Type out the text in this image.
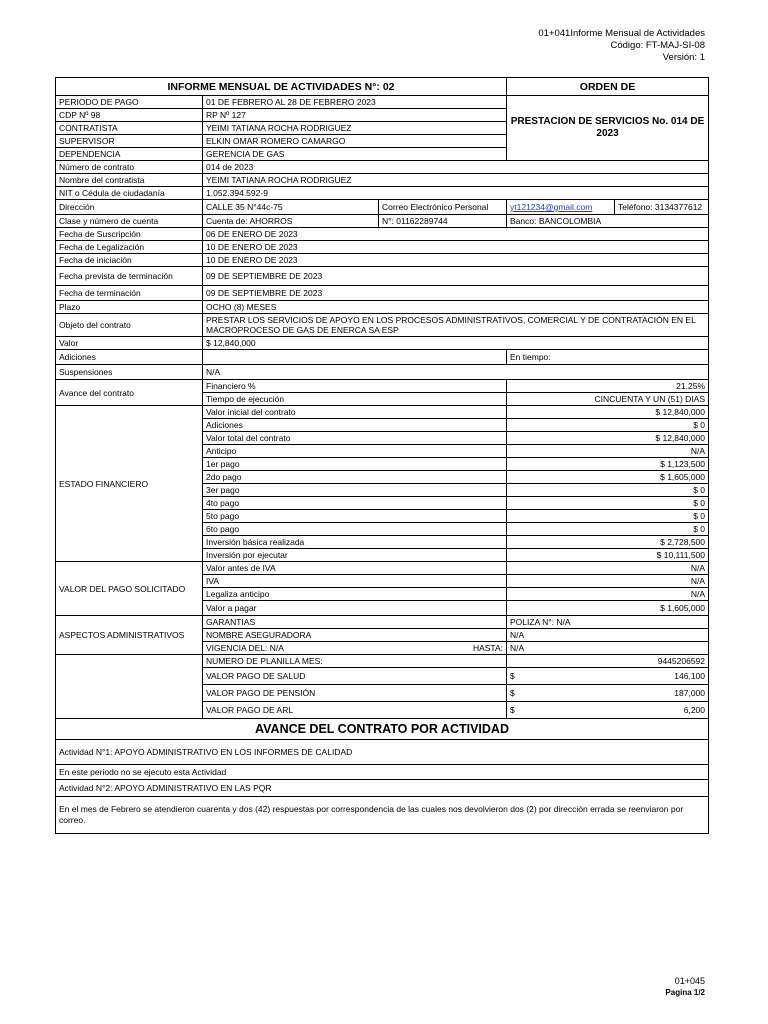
01+041Informe Mensual de Actividades
Código: FT-MAJ-SI-08
Versión: 1
INFORME MENSUAL DE ACTIVIDADES N°: 02			ORDEN DE	
PERIODO DE PAGO	01 DE FEBRERO AL 28 DE FEBRERO 2023		PRESTACION DE SERVICIOS No. 014 DE 2023	
CDP Nº 98	RP Nº 127			
CONTRATISTA	YEIMI TATIANA ROCHA RODRIGUEZ			
SUPERVISOR	ELKIN OMAR ROMERO CAMARGO			
DEPENDENCIA	GERENCIA DE GAS			
Número de contrato	014 de 2023			
Nombre del contratista	YEIMI TATIANA ROCHA RODRIGUEZ			
NIT o Cédula de ciudadanía	1.052.394.592-9			
Dirección	CALLE 35 N°44c-75	Correo Electrónico Personal	yt121234@gmail.com	Teléfono: 3134377612
Clase y número de cuenta	Cuenta de: AHORROS	N°: 01162289744	Banco: BANCOLOMBIA	
Fecha de Suscripción	06 DE ENERO DE 2023			
Fecha de Legalización	10 DE ENERO DE 2023			
Fecha de iniciación	10 DE ENERO DE 2023			
Fecha prevista de terminación	09 DE SEPTIEMBRE DE 2023			
Fecha de terminación	09 DE SEPTIEMBRE DE 2023			
Plazo	OCHO (8) MESES			
Objeto del contrato	PRESTAR LOS SERVICIOS DE APOYO EN LOS PROCESOS ADMINISTRATIVOS, COMERCIAL Y DE CONTRATACIÓN EN EL MACROPROCESO DE GAS DE ENERCA SA ESP			
Valor	$ 12,840,000			
Adiciones			En tiempo:	
Suspensiones	N/A			
Avance del contrato	Financiero %		21.25%	
	Tiempo de ejecución		CINCUENTA Y UN (51) DIAS	
ESTADO FINANCIERO	Valor inicial del contrato		$ 12,840,000	
	Adiciones		$ 0	
	Valor total del contrato		$ 12,840,000	
	Anticipo		N/A	
	1er pago		$ 1,123,500	
	2do pago		$ 1,605,000	
	3er pago		$ 0	
	4to pago		$ 0	
	5to pago		$ 0	
	6to pago		$ 0	
	Inversión básica realizada		$ 2,728,500	
	Inversión por ejecutar		$ 10,111,500	
VALOR DEL PAGO SOLICITADO	Valor antes de IVA		N/A	
	IVA		N/A	
	Legaliza anticipo		N/A	
	Valor a pagar		$ 1,605,000	
ASPECTOS ADMINISTRATIVOS	GARANTIAS		POLIZA N°: N/A	
	NOMBRE ASEGURADORA		N/A	

	VIGENCIA DEL: N/A HASTA:		N/A	
	NUMERO DE PLANILLA MES:		9445206592	
	VALOR PAGO DE SALUD		$ 146,100	

	VALOR PAGO DE PENSIÓN		$ 187,000	

	VALOR PAGO DE ARL		$ 6,200	

AVANCE DEL CONTRATO POR ACTIVIDAD				
Actividad N°1: APOYO ADMINISTRATIVO EN LOS INFORMES DE CALIDAD				
En este periodo no se ejecuto esta Actividad				
Actividad N°2: APOYO ADMINISTRATIVO EN LAS PQR				
En el mes de Febrero se atendieron cuarenta y dos (42) respuestas por correspondencia de las cuales nos devolvieron dos (2) por dirección errada se reenviaron por correo.				
01+045
Pagina 1/2
